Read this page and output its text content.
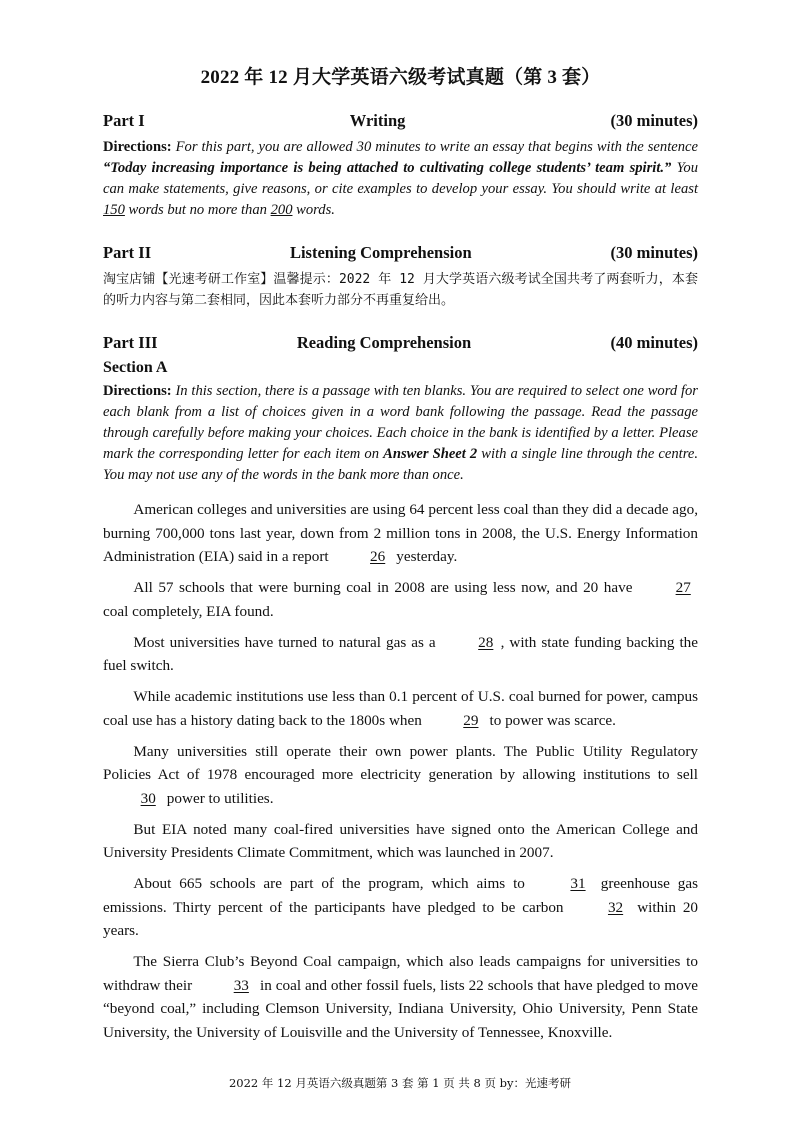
2022 年 12 月大学英语六级考试真题（第 3 套）
Part I	Writing	(30 minutes)

Directions: For this part, you are allowed 30 minutes to write an essay that begins with the sentence “Today increasing importance is being attached to cultivating college students’ team spirit.” You can make statements, give reasons, or cite examples to develop your essay. You should write at least 150 words but no more than 200 words.

Part II	Listening Comprehension	(30 minutes)

淘宝店铺【光速考研工作室】温馨提示：2022 年 12 月大学英语六级考试全国共考了两套听力，本套的听力内容与第二套相同，因此本套听力部分不再重复给出。

Part III	Reading Comprehension	(40 minutes)
Section A

Directions: In this section, there is a passage with ten blanks. You are required to select one word for each blank from a list of choices given in a word bank following the passage. Read the passage through carefully before making your choices. Each choice in the bank is identified by a letter. Please mark the corresponding letter for each item on Answer Sheet 2 with a single line through the centre. You may not use any of the words in the bank more than once.

American colleges and universities are using 64 percent less coal than they did a decade ago, burning 700,000 tons last year, down from 2 million tons in 2008, the U.S. Energy Information Administration (EIA) said in a report	26 yesterday.

All 57 schools that were burning coal in 2008 are using less now, and 20 have	27 coal completely, EIA found.

Most universities have turned to natural gas as a	28 , with state funding backing the fuel switch.

While academic institutions use less than 0.1 percent of U.S. coal burned for power, campus coal use has a history dating back to the 1800s when	29 to power was scarce.

Many universities still operate their own power plants. The Public Utility Regulatory Policies Act of 1978 encouraged more electricity generation by allowing institutions to sell 30 power to utilities.

But EIA noted many coal-fired universities have signed onto the American College and University Presidents Climate Commitment, which was launched in 2007.

About 665 schools are part of the program, which aims to	31 greenhouse gas emissions. Thirty percent of the participants have pledged to be carbon	32 within 20 years.

The Sierra Club’s Beyond Coal campaign, which also leads campaigns for universities to withdraw their	33 in coal and other fossil fuels, lists 22 schools that have pledged to move “beyond coal,” including Clemson University, Indiana University, Ohio University, Penn State University, the University of Louisville and the University of Tennessee, Knoxville.

2022 年 12 月英语六级真题第 3 套 第 1 页 共 8 页 by：光速考研
